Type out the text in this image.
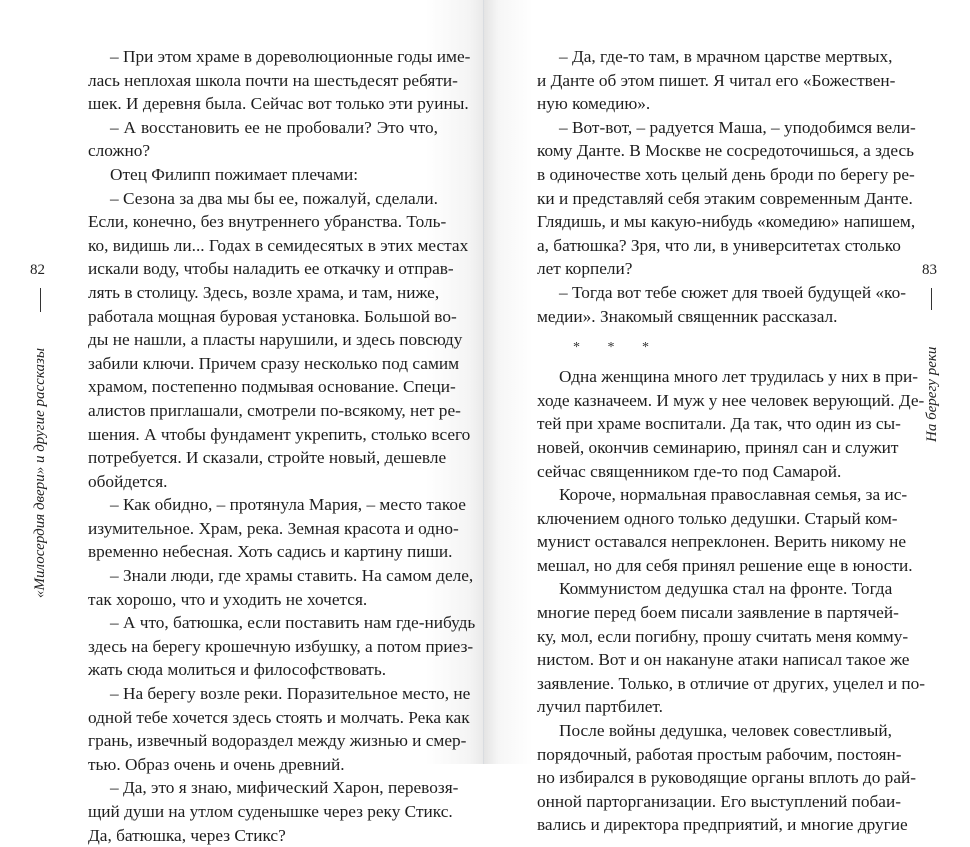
82
«Милосердия двери» и другие рассказы
– При этом храме в дореволюционные годы име-
лась неплохая школа почти на шестьдесят ребяти-
шек. И деревня была. Сейчас вот только эти руины.
– А восстановить ее не пробовали? Это что,
сложно?
Отец Филипп пожимает плечами:
– Сезона за два мы бы ее, пожалуй, сделали.
Если, конечно, без внутреннего убранства. Толь-
ко, видишь ли... Годах в семидесятых в этих местах
искали воду, чтобы наладить ее откачку и отправ-
лять в столицу. Здесь, возле храма, и там, ниже,
работала мощная буровая установка. Большой во-
ды не нашли, а пласты нарушили, и здесь повсюду
забили ключи. Причем сразу несколько под самим
храмом, постепенно подмывая основание. Специ-
алистов приглашали, смотрели по-всякому, нет ре-
шения. А чтобы фундамент укрепить, столько всего
потребуется. И сказали, стройте новый, дешевле
обойдется.
– Как обидно, – протянула Мария, – место такое
изумительное. Храм, река. Земная красота и одно-
временно небесная. Хоть садись и картину пиши.
– Знали люди, где храмы ставить. На самом деле,
так хорошо, что и уходить не хочется.
– А что, батюшка, если поставить нам где-нибудь
здесь на берегу крошечную избушку, а потом приез-
жать сюда молиться и философствовать.
– На берегу возле реки. Поразительное место, не
одной тебе хочется здесь стоять и молчать. Река как
грань, извечный водораздел между жизнью и смер-
тью. Образ очень и очень древний.
– Да, это я знаю, мифический Харон, перевозя-
щий души на утлом суденышке через реку Стикс.
Да, батюшка, через Стикс?
– Да, где-то там, в мрачном царстве мертвых,
и Данте об этом пишет. Я читал его «Божествен-
ную комедию».
– Вот-вот, – радуется Маша, – уподобимся вели-
кому Данте. В Москве не сосредоточишься, а здесь
в одиночестве хоть целый день броди по берегу ре-
ки и представляй себя этаким современным Данте.
Глядишь, и мы какую-нибудь «комедию» напишем,
а, батюшка? Зря, что ли, в университетах столько
лет корпели?
– Тогда вот тебе сюжет для твоей будущей «ко-
медии». Знакомый священник рассказал.
* * *
Одна женщина много лет трудилась у них в при-
ходе казначеем. И муж у нее человек верующий. Де-
тей при храме воспитали. Да так, что один из сы-
новей, окончив семинарию, принял сан и служит
сейчас священником где-то под Самарой.
Короче, нормальная православная семья, за ис-
ключением одного только дедушки. Старый ком-
мунист оставался непреклонен. Верить никому не
мешал, но для себя принял решение еще в юности.
Коммунистом дедушка стал на фронте. Тогда
многие перед боем писали заявление в партячей-
ку, мол, если погибну, прошу считать меня комму-
нистом. Вот и он накануне атаки написал такое же
заявление. Только, в отличие от других, уцелел и по-
лучил партбилет.
После войны дедушка, человек совестливый,
порядочный, работая простым рабочим, постоян-
но избирался в руководящие органы вплоть до рай-
онной парторганизации. Его выступлений побаи-
вались и директора предприятий, и многие другие
83
На берегу реки
